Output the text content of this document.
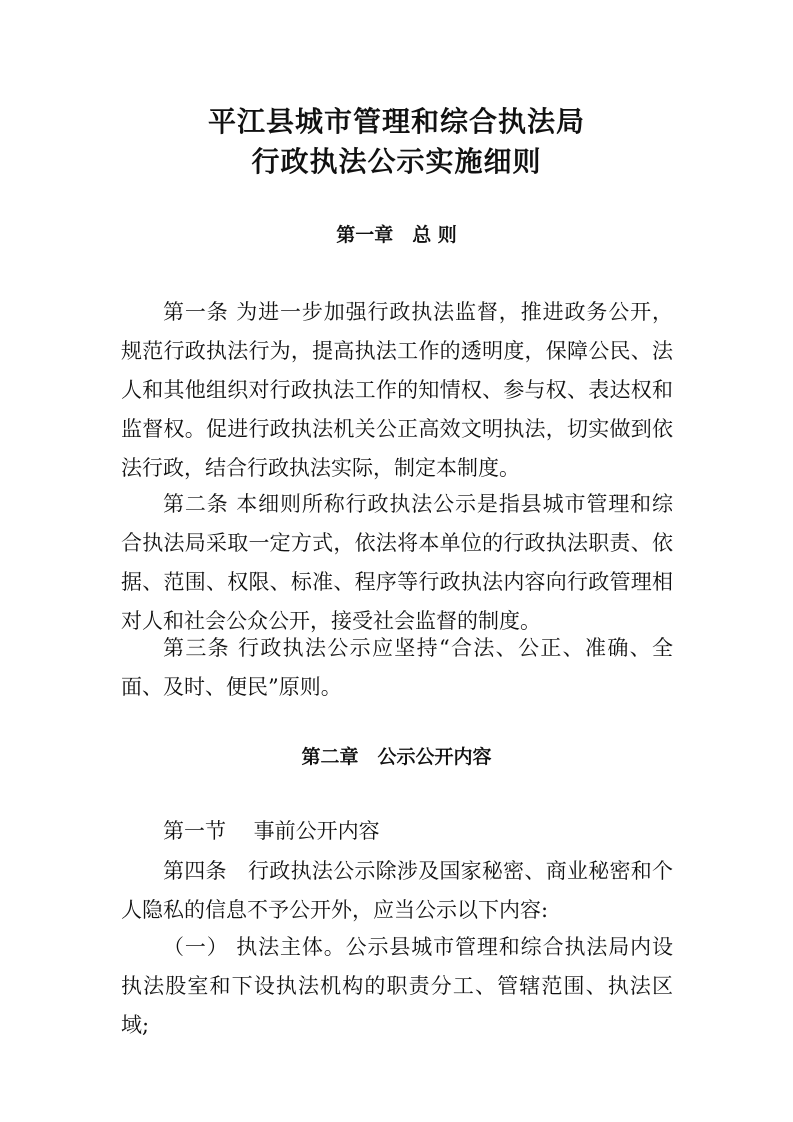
平江县城市管理和综合执法局
行政执法公示实施细则
第一章　总 则
第一条 为进一步加强行政执法监督，推进政务公开，规范行政执法行为，提高执法工作的透明度，保障公民、法人和其他组织对行政执法工作的知情权、参与权、表达权和监督权。促进行政执法机关公正高效文明执法，切实做到依法行政，结合行政执法实际，制定本制度。
第二条 本细则所称行政执法公示是指县城市管理和综合执法局采取一定方式，依法将本单位的行政执法职责、依据、范围、权限、标准、程序等行政执法内容向行政管理相对人和社会公众公开，接受社会监督的制度。
第三条 行政执法公示应坚持“合法、公正、准确、全面、及时、便民”原则。
第二章　公示公开内容
第一节　 事前公开内容
第四条　行政执法公示除涉及国家秘密、商业秘密和个人隐私的信息不予公开外，应当公示以下内容:
（一） 执法主体。公示县城市管理和综合执法局内设执法股室和下设执法机构的职责分工、管辖范围、执法区域;
